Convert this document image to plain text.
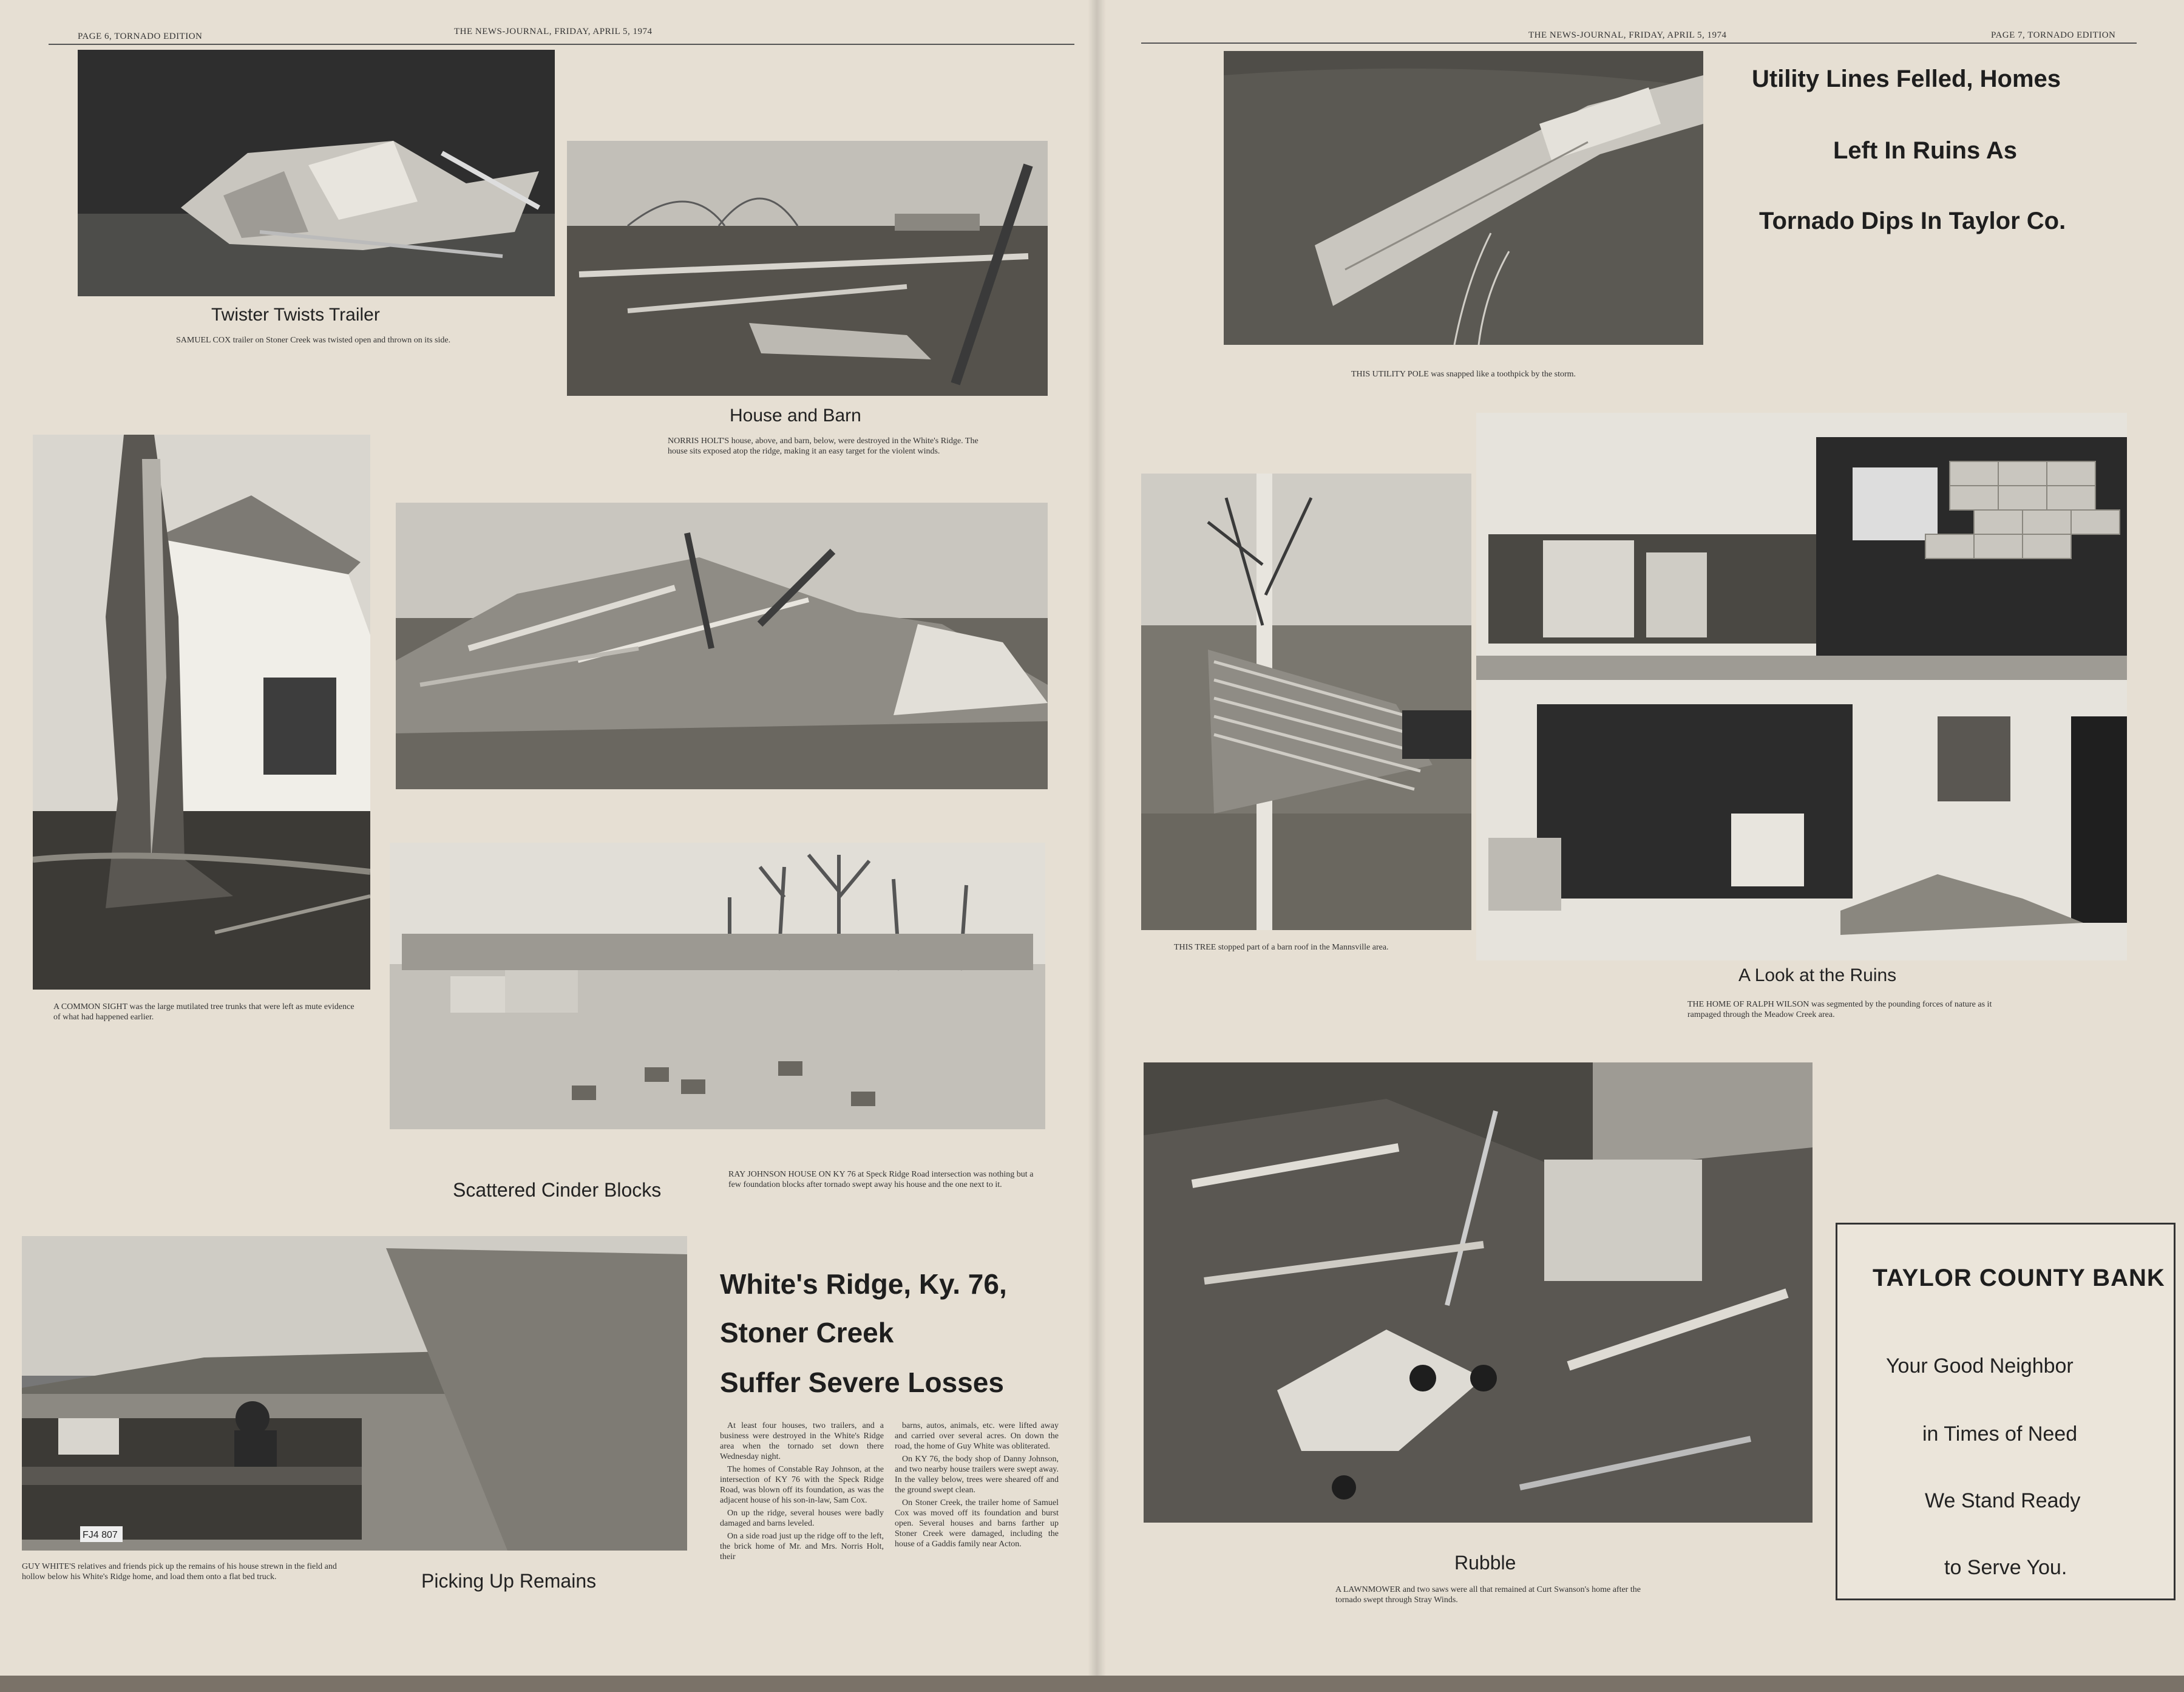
PAGE 6, TORNADO EDITION	THE NEWS-JOURNAL, FRIDAY, APRIL 5, 1974	THE NEWS-JOURNAL, FRIDAY, APRIL 5, 1974	PAGE 7, TORNADO EDITION
Twister Twists Trailer
SAMUEL COX trailer on Stoner Creek was twisted open and thrown on its side.
House and Barn
NORRIS HOLT'S house, above, and barn, below, were destroyed in the White's Ridge. The house sits exposed atop the ridge, making it an easy target for the violent winds.
A COMMON SIGHT was the large mutilated tree trunks that were left as mute evidence of what had happened earlier.
Scattered Cinder Blocks
RAY JOHNSON HOUSE ON KY 76 at Speck Ridge Road intersection was nothing but a few foundation blocks after tornado swept away his house and the one next to it.
FJ4 807
GUY WHITE'S relatives and friends pick up the remains of his house strewn in the field and hollow below his White's Ridge home, and load them onto a flat bed truck.	Picking Up Remains
White's Ridge, Ky. 76,
Stoner Creek
Suffer Severe Losses

At least four houses, two trailers, and a business were destroyed in the White's Ridge area when the tornado set down there Wednesday night.

The homes of Constable Ray Johnson, at the intersection of KY 76 with the Speck Ridge Road, was blown off its foundation, as was the adjacent house of his son-in-law, Sam Cox.

On up the ridge, several houses were badly damaged and barns leveled.

On a side road just up the ridge off to the left, the brick home of Mr. and Mrs. Norris Holt, their

barns, autos, animals, etc. were lifted away and carried over several acres. On down the road, the home of Guy White was obliterated.

On KY 76, the body shop of Danny Johnson, and two nearby house trailers were swept away. In the valley below, trees were sheared off and the ground swept clean.

On Stoner Creek, the trailer home of Samuel Cox was moved off its foundation and burst open. Several houses and barns farther up Stoner Creek were damaged, including the house of a Gaddis family near Acton.

THIS UTILITY POLE was snapped like a toothpick by the storm.
Utility Lines Felled, Homes
Left In Ruins As
Tornado Dips In Taylor Co.
THIS TREE stopped part of a barn roof in the Mannsville area.
A Look at the Ruins
THE HOME OF RALPH WILSON was segmented by the pounding forces of nature as it rampaged through the Meadow Creek area.
Rubble
A LAWNMOWER and two saws were all that remained at Curt Swanson's home after the tornado swept through Stray Winds.
TAYLOR COUNTY BANK
Your Good Neighbor
in Times of Need
We Stand Ready
to Serve You.
